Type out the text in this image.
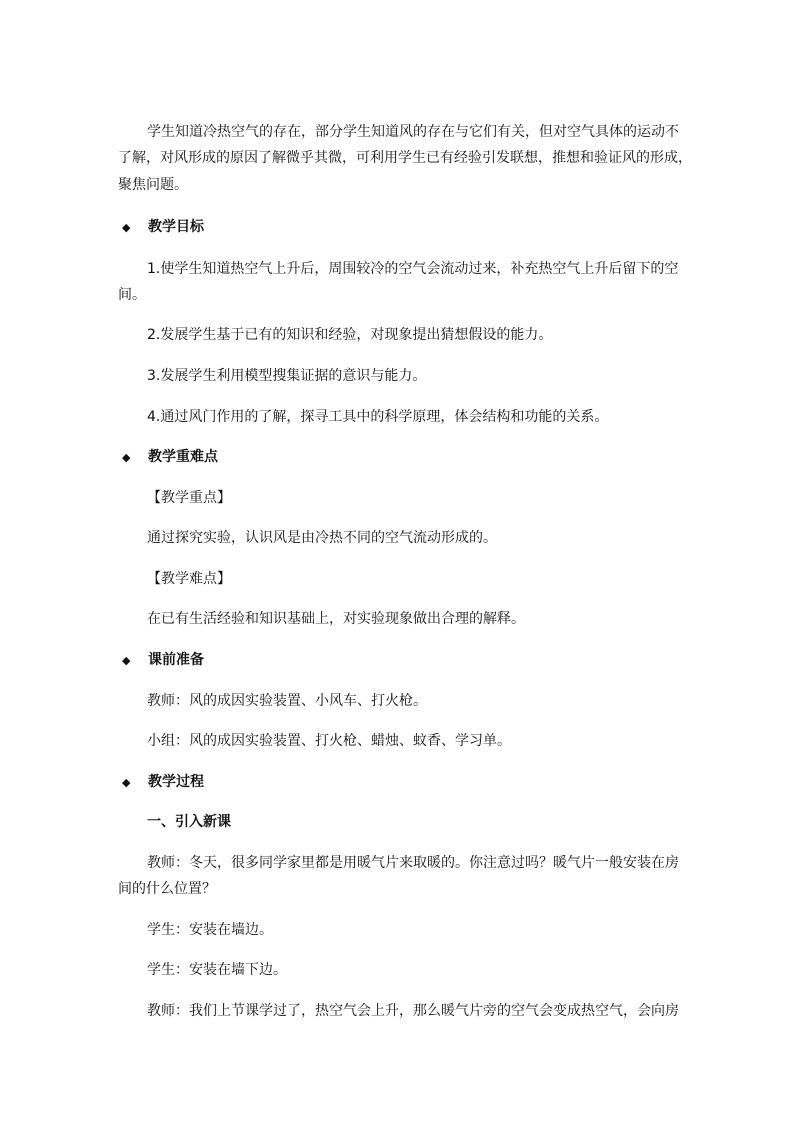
学生知道冷热空气的存在，部分学生知道风的存在与它们有关，但对空气具体的运动不
了解，对风形成的原因了解微乎其微，可利用学生已有经验引发联想，推想和验证风的形成，
聚焦问题。
◆ 教学目标
1.使学生知道热空气上升后，周围较冷的空气会流动过来，补充热空气上升后留下的空
间。
2.发展学生基于已有的知识和经验，对现象提出猜想假设的能力。
3.发展学生利用模型搜集证据的意识与能力。
4.通过风门作用的了解，探寻工具中的科学原理，体会结构和功能的关系。
◆ 教学重难点
【教学重点】
通过探究实验，认识风是由冷热不同的空气流动形成的。
【教学难点】
在已有生活经验和知识基础上，对实验现象做出合理的解释。
◆ 课前准备
教师：风的成因实验装置、小风车、打火枪。
小组：风的成因实验装置、打火枪、蜡烛、蚊香、学习单。
◆ 教学过程
一、引入新课
教师：冬天，很多同学家里都是用暖气片来取暖的。你注意过吗？暖气片一般安装在房
间的什么位置？
学生：安装在墙边。
学生：安装在墙下边。
教师：我们上节课学过了，热空气会上升，那么暖气片旁的空气会变成热空气，会向房
